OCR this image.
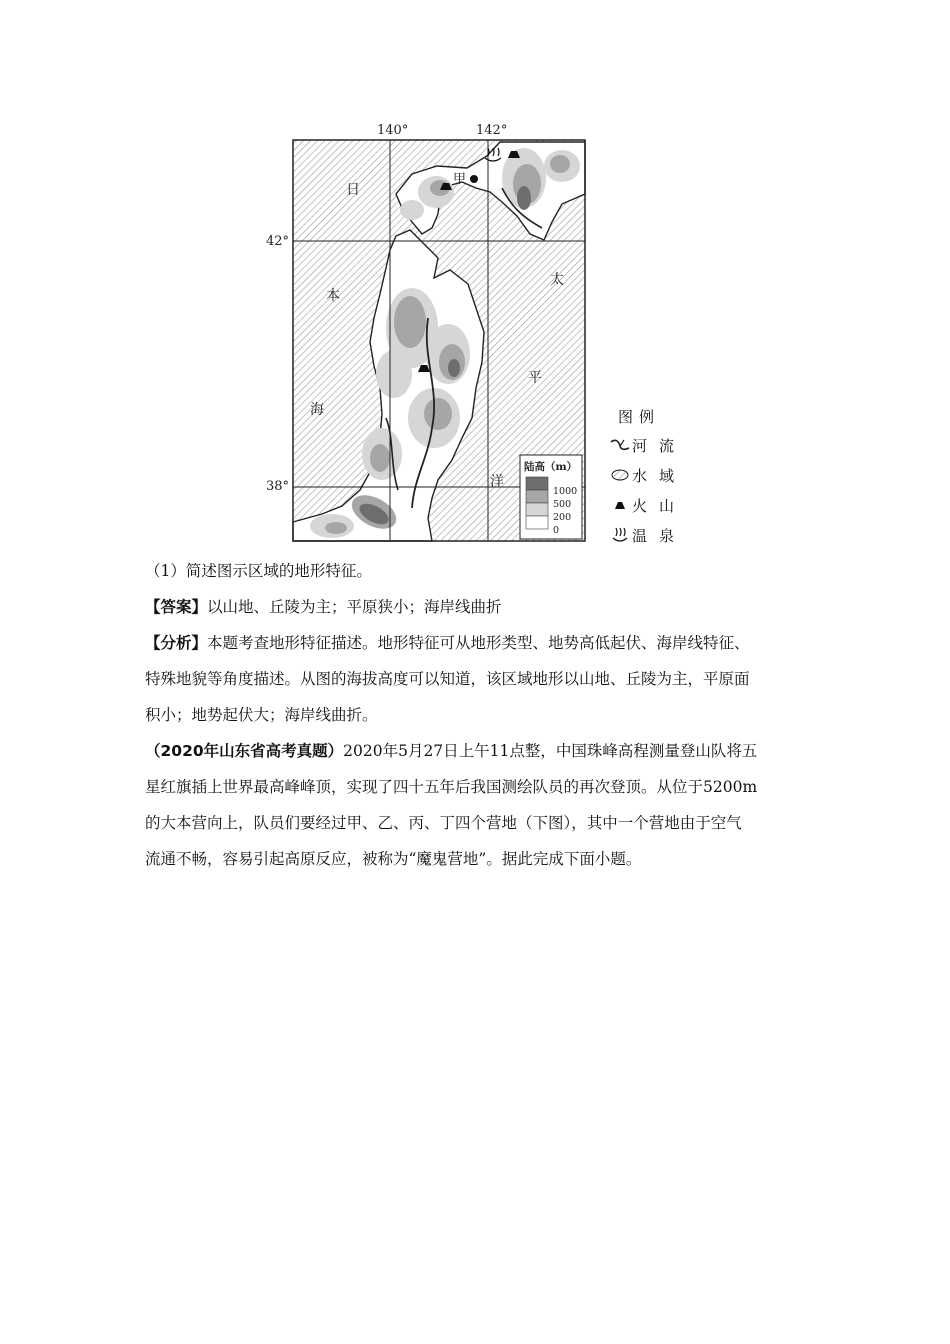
甲
140°	142°
42°
38°
日
本
海
太
平
洋
陆高（m）
1000
500
200
0
图例
河流
水域
火山
温泉
（1）简述图示区域的地形特征。
【答案】以山地、丘陵为主；平原狭小；海岸线曲折
【分析】本题考查地形特征描述。地形特征可从地形类型、地势高低起伏、海岸线特征、
特殊地貌等角度描述。从图的海拔高度可以知道，该区域地形以山地、丘陵为主，平原面
积小；地势起伏大；海岸线曲折。
（2020年山东省高考真题）2020年5月27日上午11点整，中国珠峰高程测量登山队将五
星红旗插上世界最高峰峰顶，实现了四十五年后我国测绘队员的再次登顶。从位于5200m
的大本营向上，队员们要经过甲、乙、丙、丁四个营地（下图），其中一个营地由于空气
流通不畅，容易引起高原反应，被称为“魔鬼营地”。据此完成下面小题。
